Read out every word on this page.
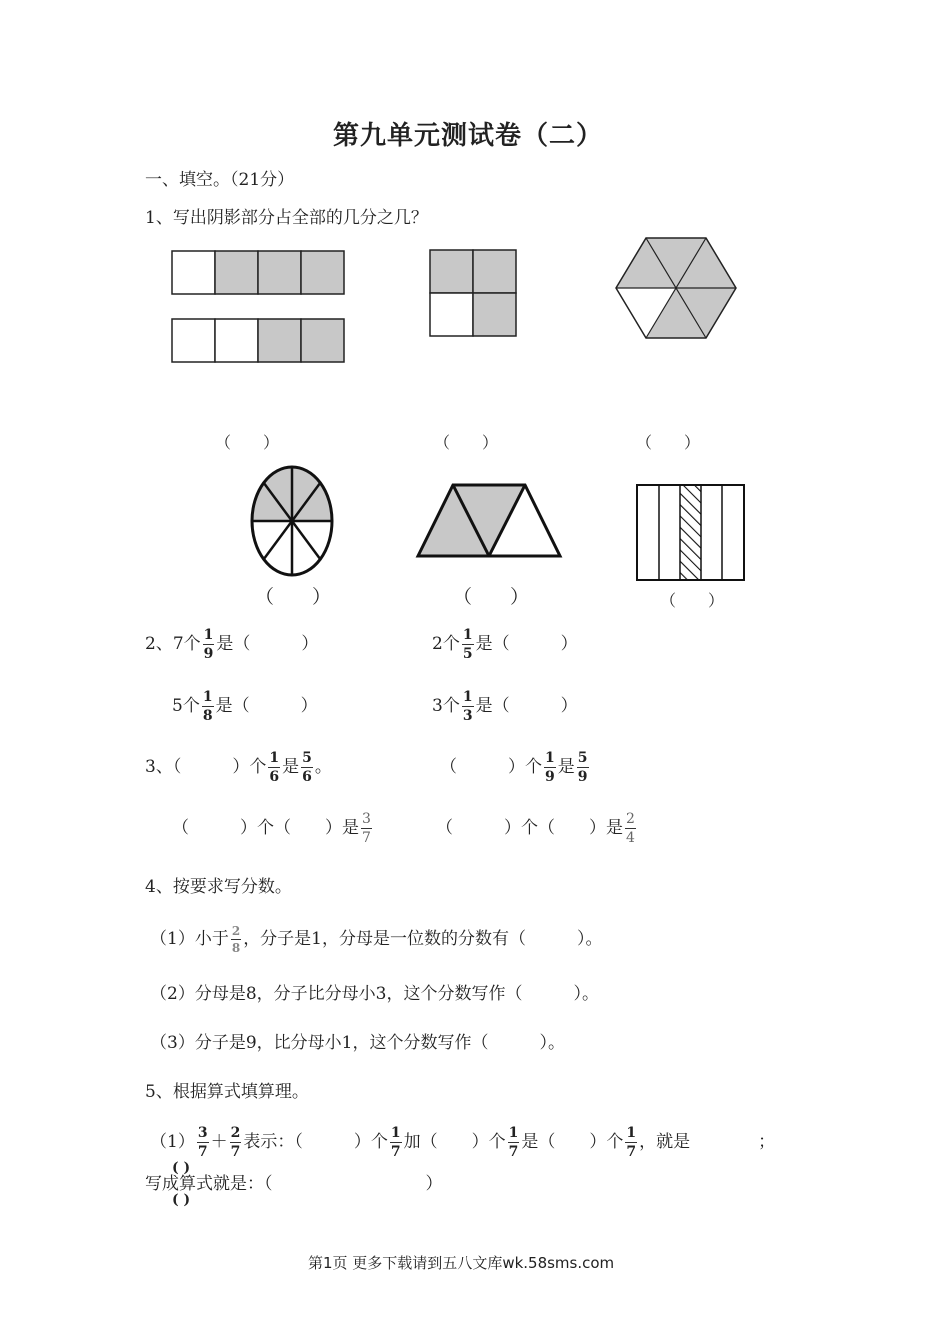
第九单元测试卷（二）
一、填空。（21分）
1、写出阴影部分占全部的几分之几？
（　　）	（　　）	（　　）
（　　）	（　　）	（　　）
2、7个 $\frac{1}{9}$ 是（　　　）	2个 $\frac{1}{5}$ 是（　　　）
5个 $\frac{1}{8}$ 是（　　　）	3个 $\frac{1}{3}$ 是（　　　）
3、（　　　）个 $\frac{1}{6}$ 是 $\frac{5}{6}$ 。	（　　　）个 $\frac{1}{9}$ 是 $\frac{5}{9}$
（　　　）个（　　）是 $\frac{3}{7}$	（　　　）个（　　）是 $\frac{2}{4}$
4、按要求写分数。
（1）小于 $\frac{2}{8}$ ，分子是1，分母是一位数的分数有（　　　）。
（2）分母是8，分子比分母小3，这个分数写作（　　　）。
（3）分子是9，比分母小1，这个分数写作（　　　）。
5、根据算式填算理。
$(1) \frac{3}{7} + \frac{2}{7}$ 表示：（　　　）个 $\frac{1}{7}$ 加（　　）个 $\frac{1}{7}$ 是（　　）个 $\frac{1}{7}$ ，就是　　　　；
( )
写成算式就是：（　　　　　　　　　）
( )
第1页 更多下载请到五八文库wk.58sms.com
